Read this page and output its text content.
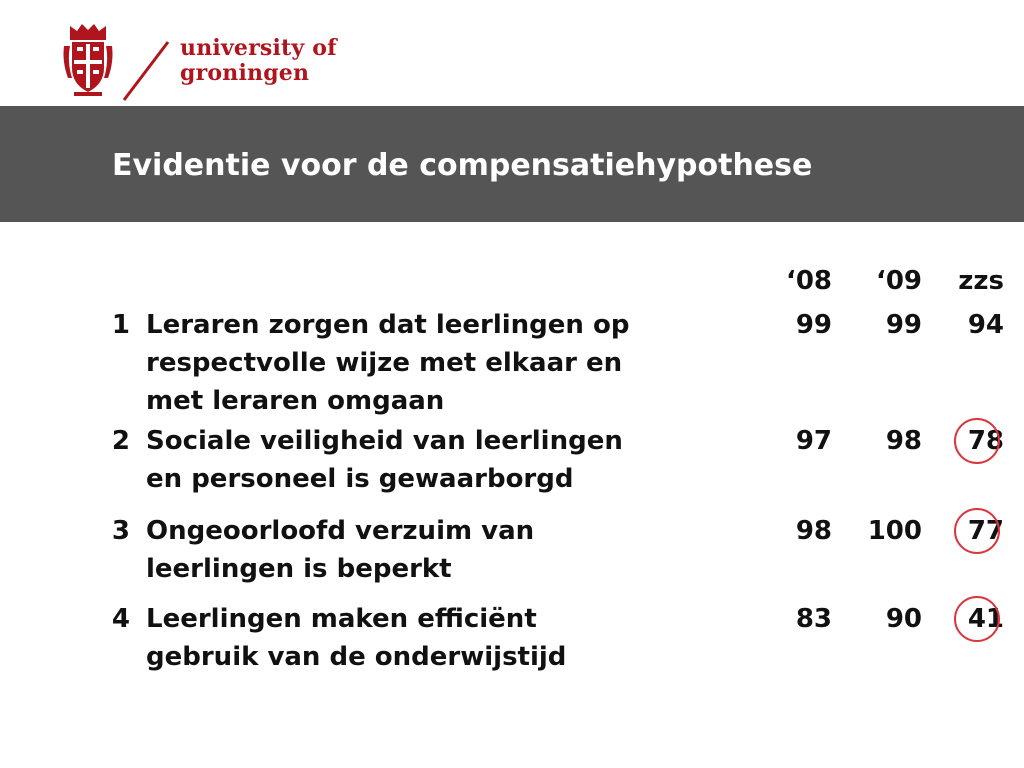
university of
groningen
Evidentie voor de compensatiehypothese
‘08	‘09	zzs
1 Leraren zorgen dat leerlingen op
respectvolle wijze met elkaar en
met leraren omgaan
99	99	94
2 Sociale veiligheid van leerlingen
en personeel is gewaarborgd
97	98	78
3 Ongeoorloofd verzuim van
leerlingen is beperkt
98	100	77
4 Leerlingen maken efficiënt
gebruik van de onderwijstijd
83	90	41
